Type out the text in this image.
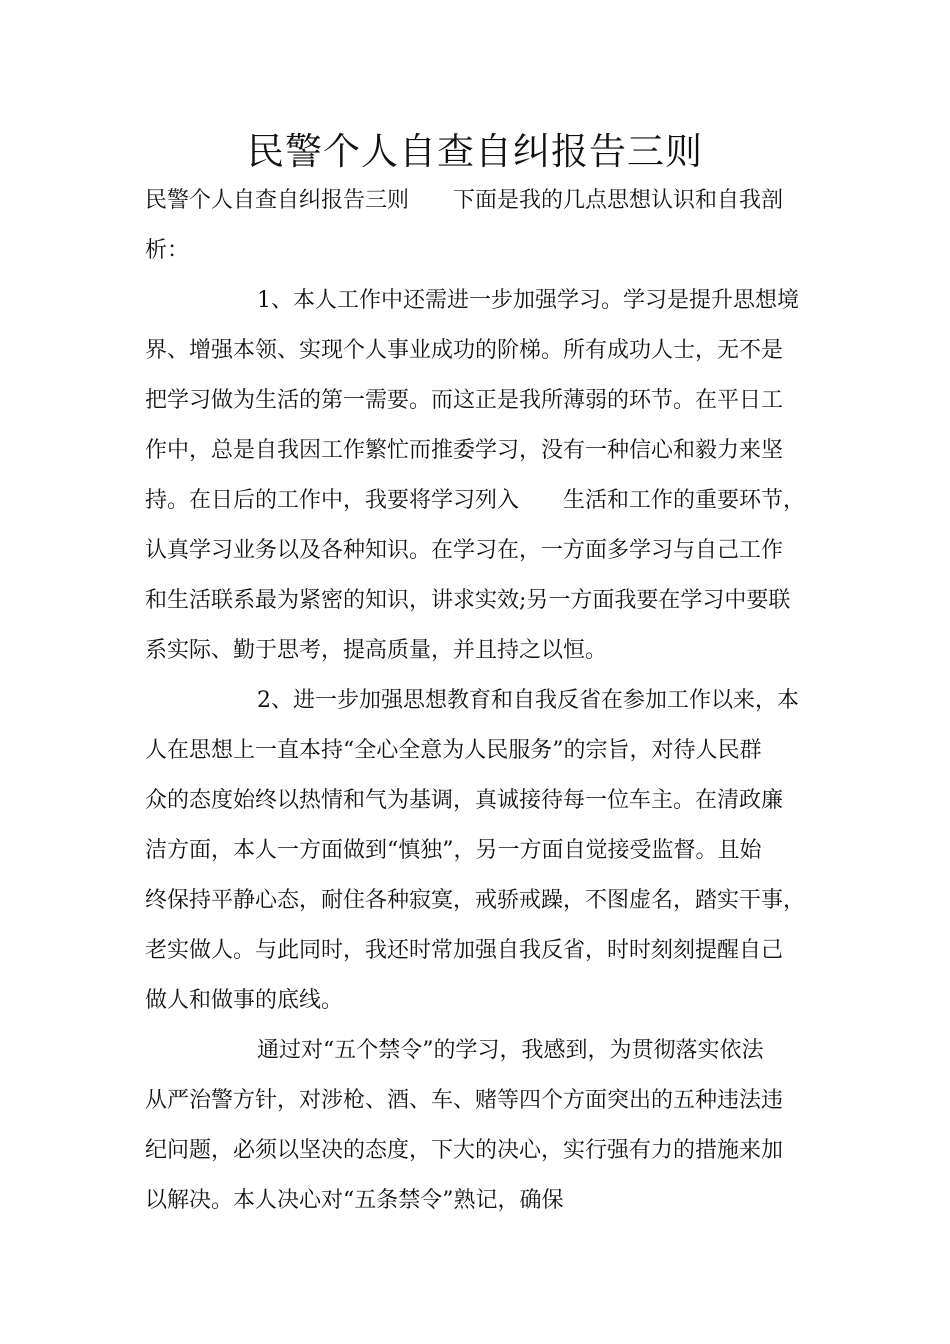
民警个人自查自纠报告三则
民警个人自查自纠报告三则　　下面是我的几点思想认识和自我剖
析：
1、本人工作中还需进一步加强学习。学习是提升思想境
界、增强本领、实现个人事业成功的阶梯。所有成功人士，无不是
把学习做为生活的第一需要。而这正是我所薄弱的环节。在平日工
作中，总是自我因工作繁忙而推委学习，没有一种信心和毅力来坚
持。在日后的工作中，我要将学习列入　　生活和工作的重要环节，
认真学习业务以及各种知识。在学习在，一方面多学习与自己工作
和生活联系最为紧密的知识，讲求实效;另一方面我要在学习中要联
系实际、勤于思考，提高质量，并且持之以恒。
2、进一步加强思想教育和自我反省在参加工作以来，本
人在思想上一直本持“全心全意为人民服务”的宗旨，对待人民群
众的态度始终以热情和气为基调，真诚接待每一位车主。在清政廉
洁方面，本人一方面做到“慎独”，另一方面自觉接受监督。且始
终保持平静心态，耐住各种寂寞，戒骄戒躁，不图虚名，踏实干事，
老实做人。与此同时，我还时常加强自我反省，时时刻刻提醒自己
做人和做事的底线。
通过对“五个禁令”的学习，我感到，为贯彻落实依法
从严治警方针，对涉枪、酒、车、赌等四个方面突出的五种违法违
纪问题，必须以坚决的态度，下大的决心，实行强有力的措施来加
以解决。本人决心对“五条禁令”熟记，确保
